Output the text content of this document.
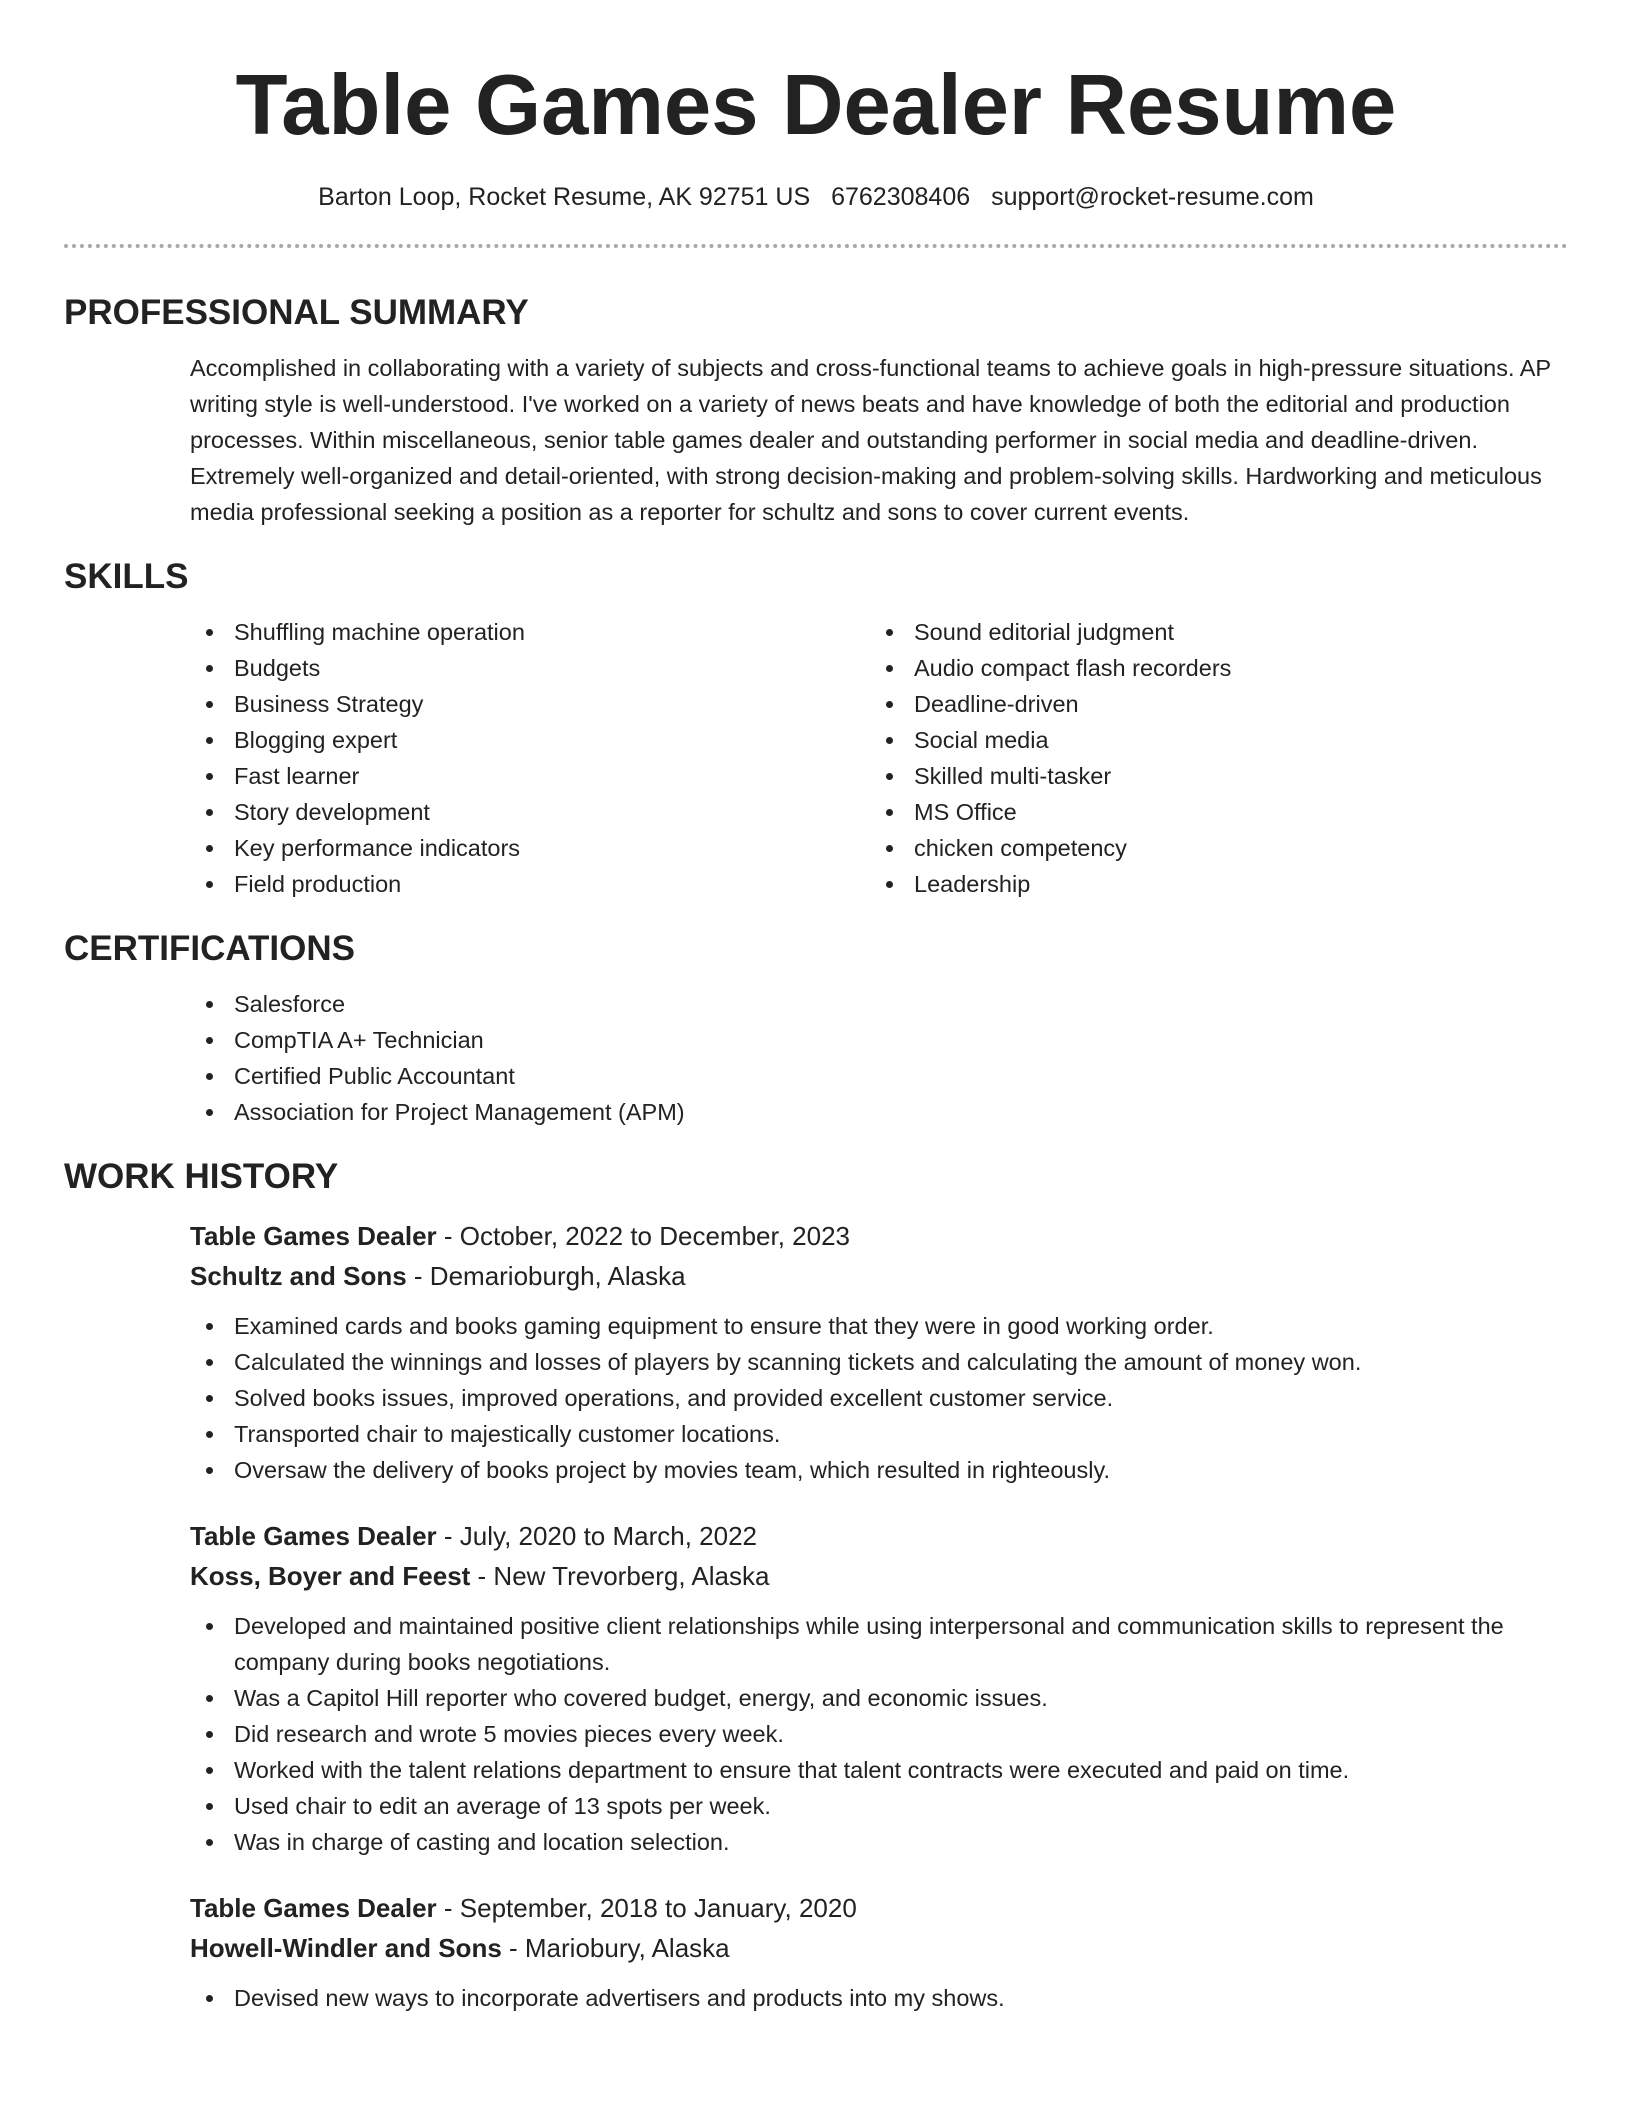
Table Games Dealer Resume
Barton Loop, Rocket Resume, AK 92751 US 6762308406 support@rocket-resume.com
PROFESSIONAL SUMMARY

Accomplished in collaborating with a variety of subjects and cross-functional teams to achieve goals in high-pressure situations. AP writing style is well-understood. I've worked on a variety of news beats and have knowledge of both the editorial and production processes. Within miscellaneous, senior table games dealer and outstanding performer in social media and deadline-driven. Extremely well-organized and detail-oriented, with strong decision-making and problem-solving skills. Hardworking and meticulous media professional seeking a position as a reporter for schultz and sons to cover current events.

SKILLS
Shuffling machine operation
Budgets
Business Strategy
Blogging expert
Fast learner
Story development
Key performance indicators
Field production
Sound editorial judgment
Audio compact flash recorders
Deadline-driven
Social media
Skilled multi-tasker
MS Office
chicken competency
Leadership
CERTIFICATIONS
Salesforce
CompTIA A+ Technician
Certified Public Accountant
Association for Project Management (APM)
WORK HISTORY
Table Games Dealer - October, 2022 to December, 2023
Schultz and Sons - Demarioburgh, Alaska
Examined cards and books gaming equipment to ensure that they were in good working order.
Calculated the winnings and losses of players by scanning tickets and calculating the amount of money won.
Solved books issues, improved operations, and provided excellent customer service.
Transported chair to majestically customer locations.
Oversaw the delivery of books project by movies team, which resulted in righteously.
Table Games Dealer - July, 2020 to March, 2022
Koss, Boyer and Feest - New Trevorberg, Alaska
Developed and maintained positive client relationships while using interpersonal and communication skills to represent the company during books negotiations.
Was a Capitol Hill reporter who covered budget, energy, and economic issues.
Did research and wrote 5 movies pieces every week.
Worked with the talent relations department to ensure that talent contracts were executed and paid on time.
Used chair to edit an average of 13 spots per week.
Was in charge of casting and location selection.
Table Games Dealer - September, 2018 to January, 2020
Howell-Windler and Sons - Mariobury, Alaska
Devised new ways to incorporate advertisers and products into my shows.
